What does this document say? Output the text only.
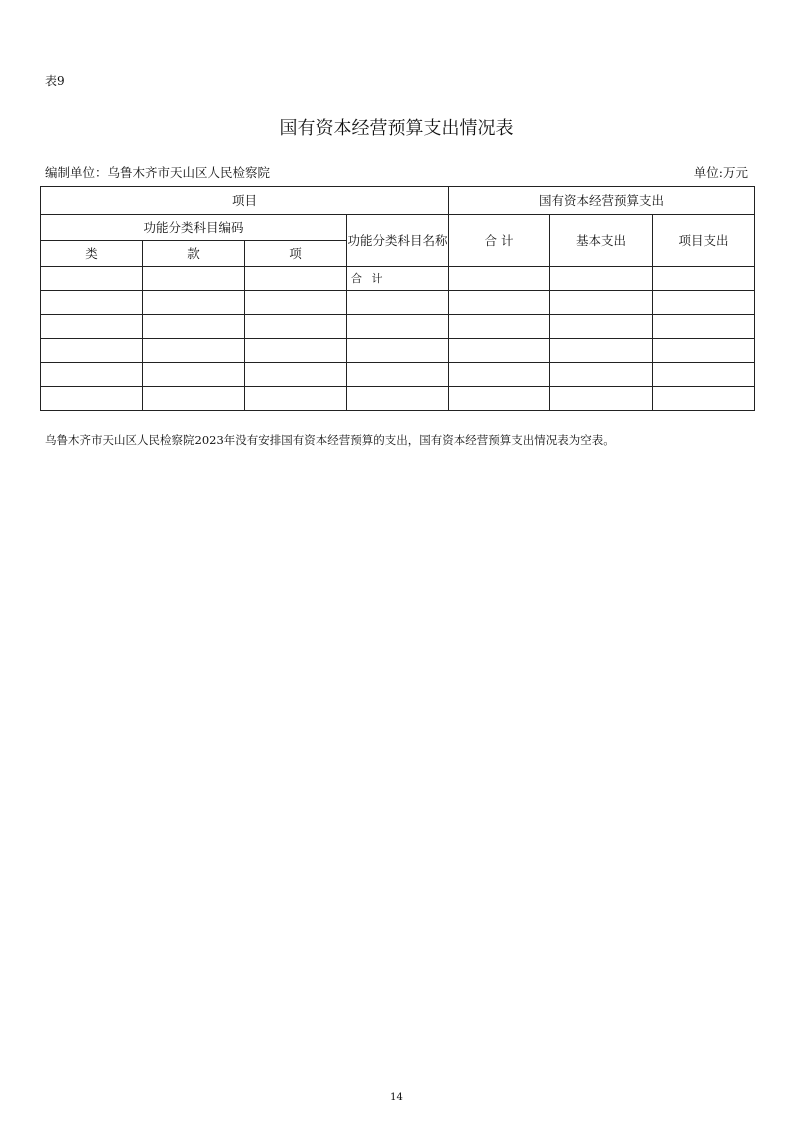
表9
国有资本经营预算支出情况表
编制单位：乌鲁木齐市天山区人民检察院	单位:万元
项目				国有资本经营预算支出		
功能分类科目编码			功能分类科目名称	合 计	基本支出	项目支出
类	款	项				
			合 计			

乌鲁木齐市天山区人民检察院2023年没有安排国有资本经营预算的支出，国有资本经营预算支出情况表为空表。
14
